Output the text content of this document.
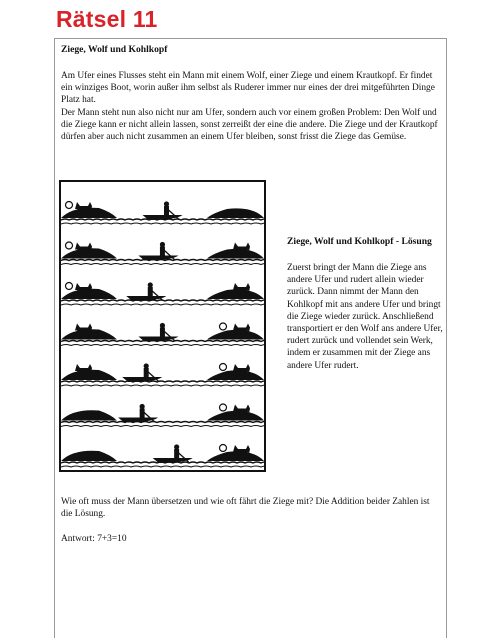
Rätsel 11

Ziege, Wolf und Kohlkopf

Am Ufer eines Flusses steht ein Mann mit einem Wolf, einer Ziege und einem Krautkopf. Er findet ein winziges Boot, worin außer ihm selbst als Ruderer immer nur eines der drei mitgeführten Dinge Platz hat.
Der Mann steht nun also nicht nur am Ufer, sondern auch vor einem großen Problem: Den Wolf und die Ziege kann er nicht allein lassen, sonst zerreißt der eine die andere. Die Ziege und der Krautkopf dürfen aber auch nicht zusammen an einem Ufer bleiben, sonst frisst die Ziege das Gemüse.

Ziege, Wolf und Kohlkopf - Lösung

Zuerst bringt der Mann die Ziege ans andere Ufer und rudert allein wieder zurück. Dann nimmt der Mann den Kohlkopf mit ans andere Ufer und bringt die Ziege wieder zurück. Anschließend transportiert er den Wolf ans andere Ufer, rudert zurück und vollendet sein Werk, indem er zusammen mit der Ziege ans andere Ufer rudert.

Wie oft muss der Mann übersetzen und wie oft fährt die Ziege mit? Die Addition beider Zahlen ist die Lösung.

Antwort: 7+3=10
